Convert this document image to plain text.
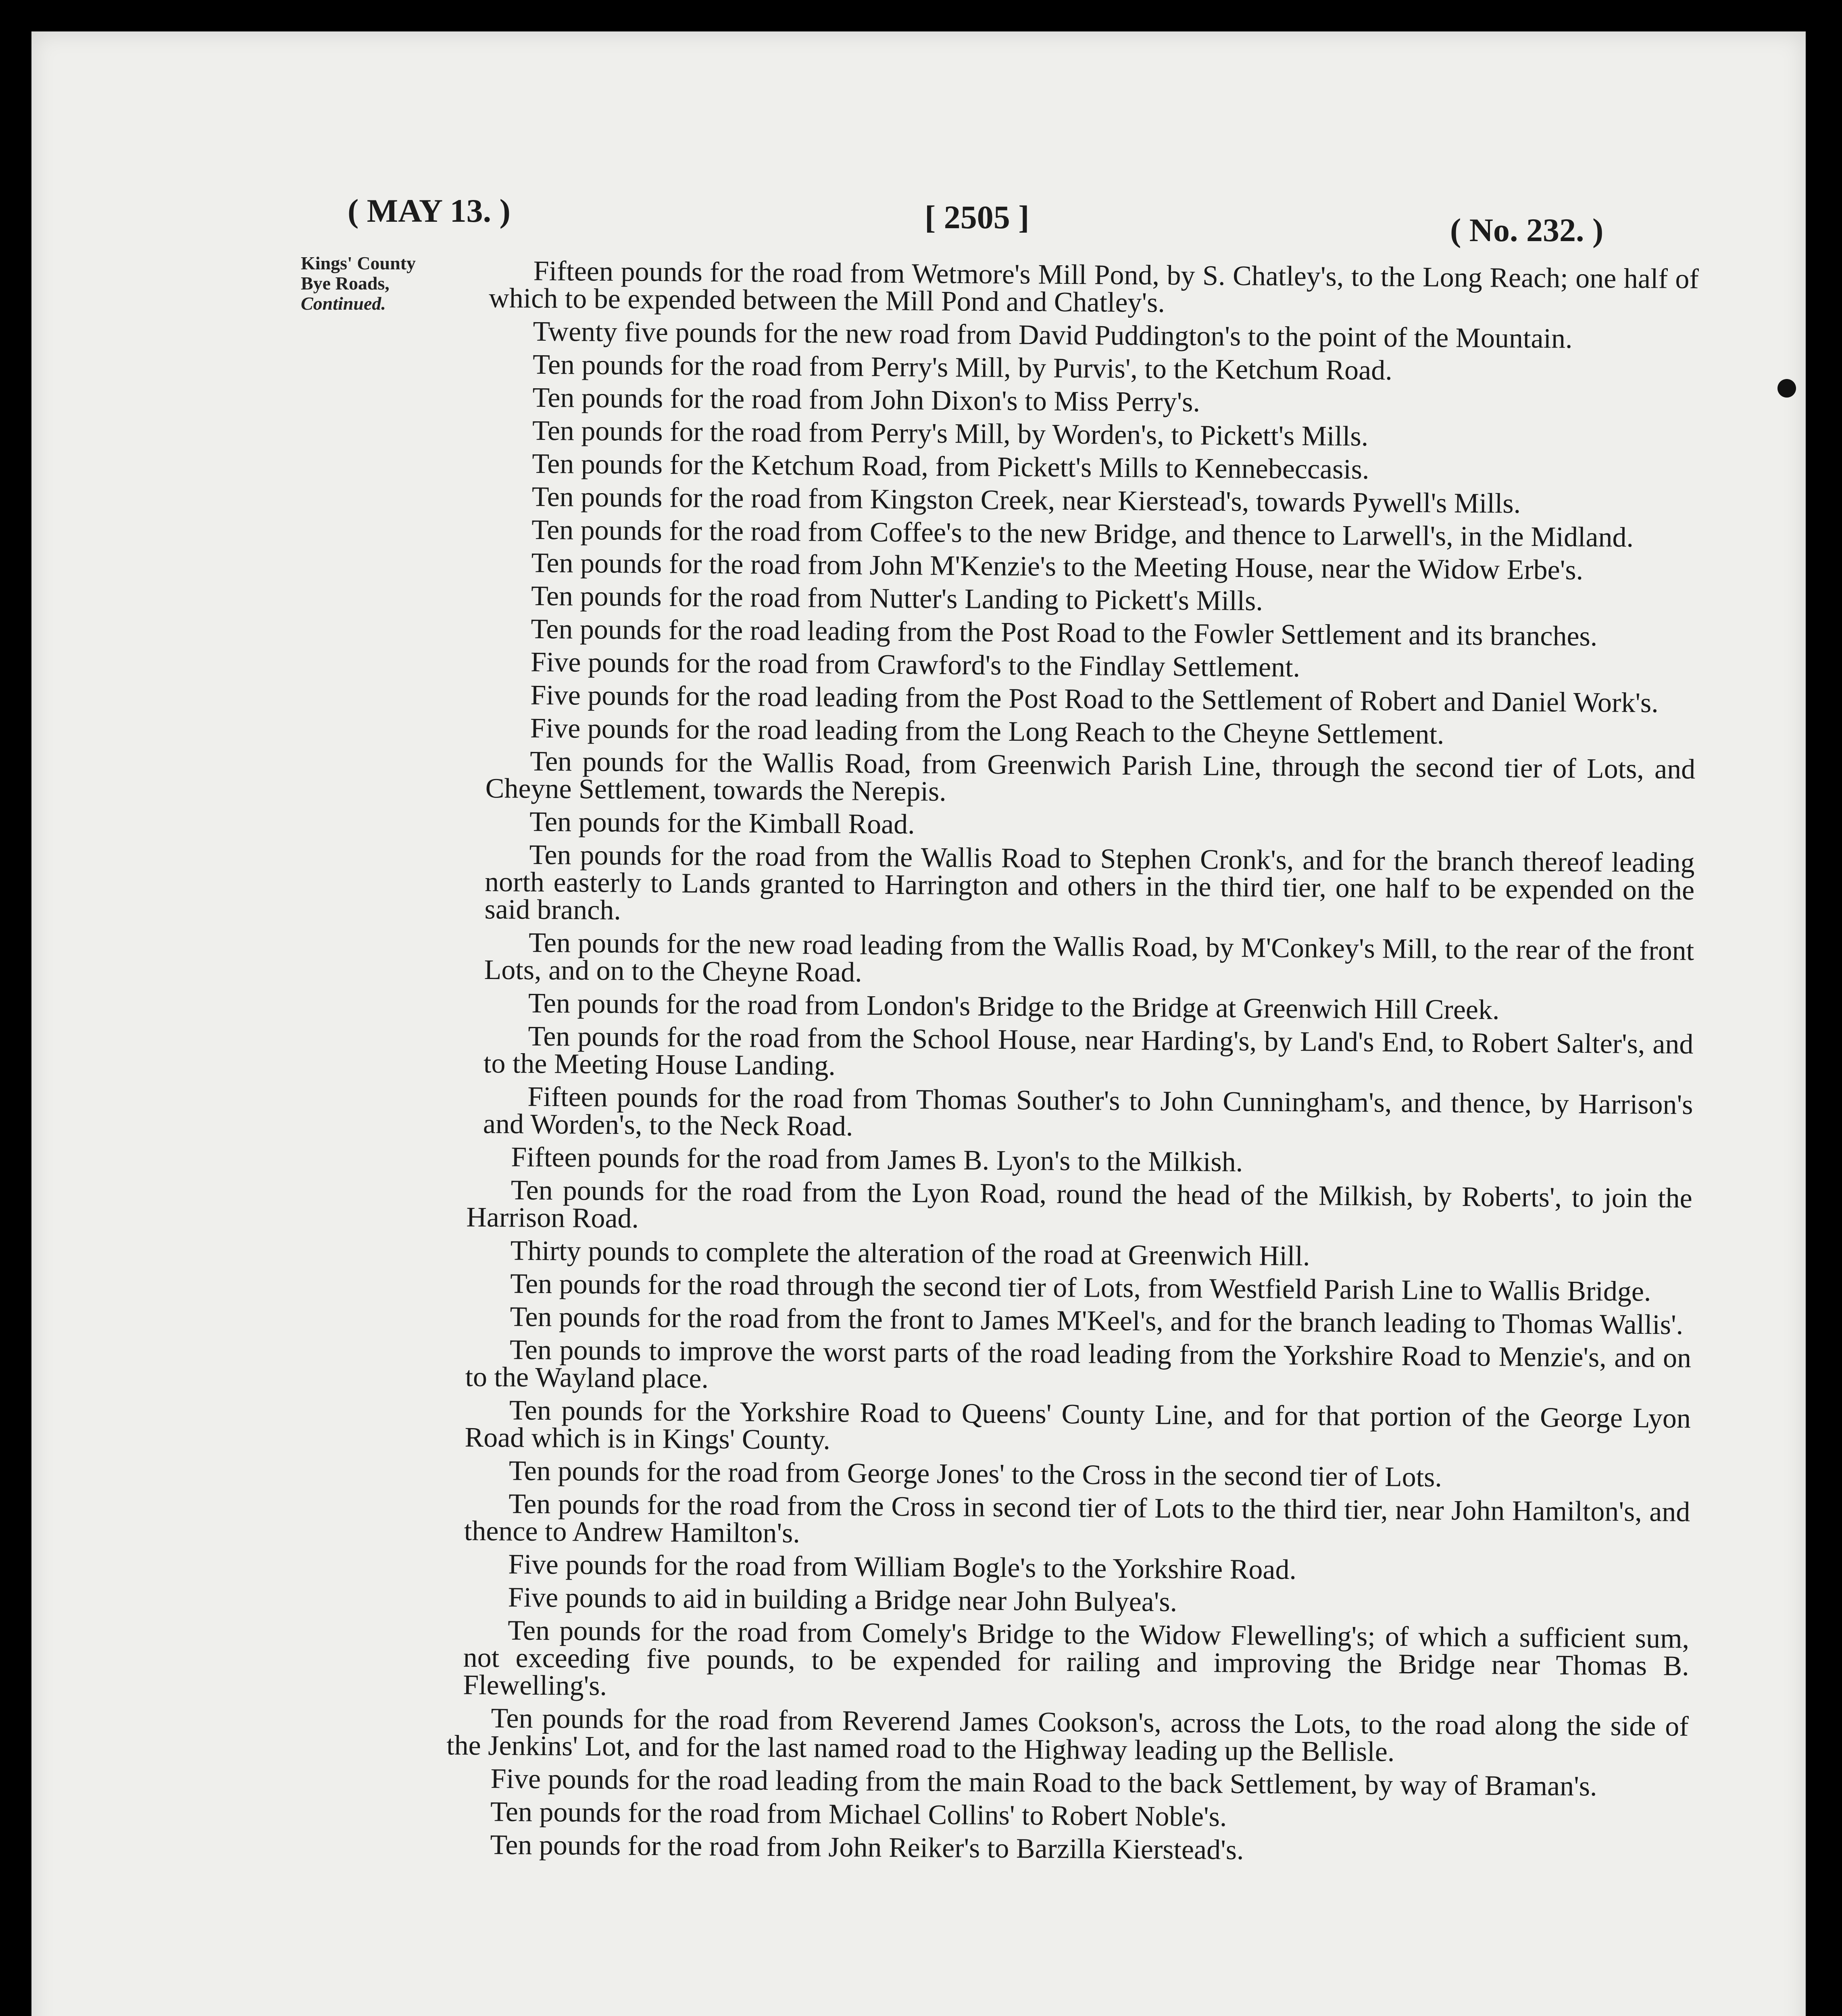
( MAY 13. )	[ 2505 ]	( No. 232. )
Kings' County
Bye Roads,
Continued.

Fifteen pounds for the road from Wetmore's Mill Pond, by S. Chatley's, to the Long Reach; one half of which to be expended between the Mill Pond and Chatley's.

Twenty five pounds for the new road from David Puddington's to the point of the Mountain.

Ten pounds for the road from Perry's Mill, by Purvis', to the Ketchum Road.

Ten pounds for the road from John Dixon's to Miss Perry's.

Ten pounds for the road from Perry's Mill, by Worden's, to Pickett's Mills.

Ten pounds for the Ketchum Road, from Pickett's Mills to Kennebeccasis.

Ten pounds for the road from Kingston Creek, near Kierstead's, towards Pywell's Mills.

Ten pounds for the road from Coffee's to the new Bridge, and thence to Larwell's, in the Midland.

Ten pounds for the road from John M'Kenzie's to the Meeting House, near the Widow Erbe's.

Ten pounds for the road from Nutter's Landing to Pickett's Mills.

Ten pounds for the road leading from the Post Road to the Fowler Settlement and its branches.

Five pounds for the road from Crawford's to the Findlay Settlement.

Five pounds for the road leading from the Post Road to the Settlement of Robert and Daniel Work's.

Five pounds for the road leading from the Long Reach to the Cheyne Settlement.

Ten pounds for the Wallis Road, from Greenwich Parish Line, through the second tier of Lots, and Cheyne Settlement, towards the Nerepis.

Ten pounds for the Kimball Road.

Ten pounds for the road from the Wallis Road to Stephen Cronk's, and for the branch thereof leading north easterly to Lands granted to Harrington and others in the third tier, one half to be expended on the said branch.

Ten pounds for the new road leading from the Wallis Road, by M'Conkey's Mill, to the rear of the front Lots, and on to the Cheyne Road.

Ten pounds for the road from London's Bridge to the Bridge at Greenwich Hill Creek.

Ten pounds for the road from the School House, near Harding's, by Land's End, to Robert Salter's, and to the Meeting House Landing.

Fifteen pounds for the road from Thomas Souther's to John Cunningham's, and thence, by Harrison's and Worden's, to the Neck Road.

Fifteen pounds for the road from James B. Lyon's to the Milkish.

Ten pounds for the road from the Lyon Road, round the head of the Milkish, by Roberts', to join the Harrison Road.

Thirty pounds to complete the alteration of the road at Greenwich Hill.

Ten pounds for the road through the second tier of Lots, from Westfield Parish Line to Wallis Bridge.

Ten pounds for the road from the front to James M'Keel's, and for the branch leading to Thomas Wallis'.

Ten pounds to improve the worst parts of the road leading from the Yorkshire Road to Menzie's, and on to the Wayland place.

Ten pounds for the Yorkshire Road to Queens' County Line, and for that portion of the George Lyon Road which is in Kings' County.

Ten pounds for the road from George Jones' to the Cross in the second tier of Lots.

Ten pounds for the road from the Cross in second tier of Lots to the third tier, near John Hamilton's, and thence to Andrew Hamilton's.

Five pounds for the road from William Bogle's to the Yorkshire Road.

Five pounds to aid in building a Bridge near John Bulyea's.

Ten pounds for the road from Comely's Bridge to the Widow Flewelling's; of which a sufficient sum, not exceeding five pounds, to be expended for railing and improving the Bridge near Thomas B. Flewelling's.

Ten pounds for the road from Reverend James Cookson's, across the Lots, to the road along the side of the Jenkins' Lot, and for the last named road to the Highway leading up the Bellisle.

Five pounds for the road leading from the main Road to the back Settlement, by way of Braman's.

Ten pounds for the road from Michael Collins' to Robert Noble's.

Ten pounds for the road from John Reiker's to Barzilla Kierstead's.
